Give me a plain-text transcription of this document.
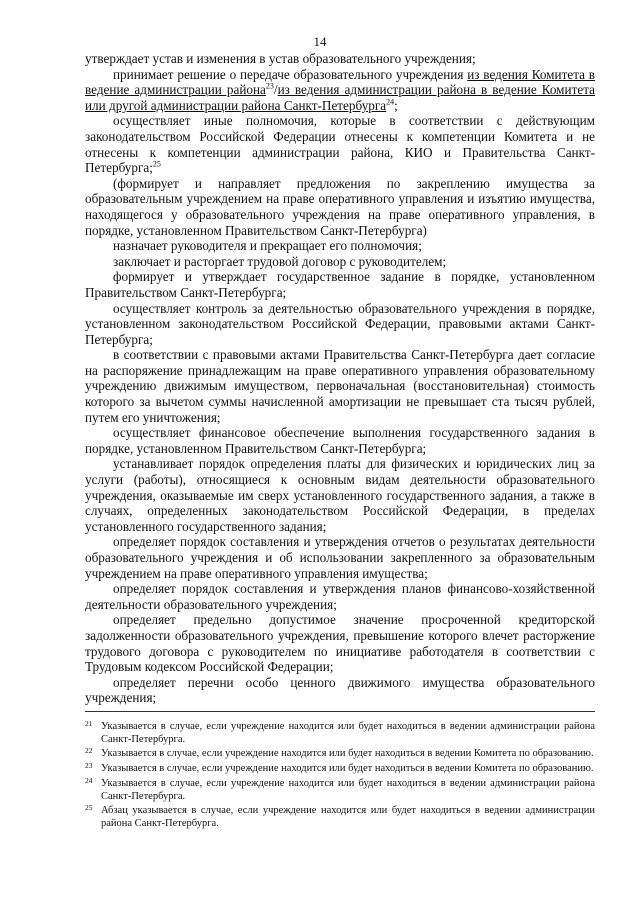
14

утверждает устав и изменения в устав образовательного учреждения;

принимает решение о передаче образовательного учреждения из ведения Комитета в ведение администрации района$^{23}$/из ведения администрации района в ведение Комитета или другой администрации района Санкт-Петербурга$^{24}$;

осуществляет иные полномочия, которые в соответствии с действующим законодательством Российской Федерации отнесены к компетенции Комитета и не отнесены к компетенции администрации района, КИО и Правительства Санкт-Петербурга;$^{25}$

(формирует и направляет предложения по закреплению имущества за образовательным учреждением на праве оперативного управления и изъятию имущества, находящегося у образовательного учреждения на праве оперативного управления, в порядке, установленном Правительством Санкт-Петербурга)

назначает руководителя и прекращает его полномочия;

заключает и расторгает трудовой договор с руководителем;

формирует и утверждает государственное задание в порядке, установленном Правительством Санкт-Петербурга;

осуществляет контроль за деятельностью образовательного учреждения в порядке, установленном законодательством Российской Федерации, правовыми актами Санкт-Петербурга;

в соответствии с правовыми актами Правительства Санкт-Петербурга дает согласие на распоряжение принадлежащим на праве оперативного управления образовательному учреждению движимым имуществом, первоначальная (восстановительная) стоимость которого за вычетом суммы начисленной амортизации не превышает ста тысяч рублей, путем его уничтожения;

осуществляет финансовое обеспечение выполнения государственного задания в порядке, установленном Правительством Санкт-Петербурга;

устанавливает порядок определения платы для физических и юридических лиц за услуги (работы), относящиеся к основным видам деятельности образовательного учреждения, оказываемые им сверх установленного государственного задания, а также в случаях, определенных законодательством Российской Федерации, в пределах установленного государственного задания;

определяет порядок составления и утверждения отчетов о результатах деятельности образовательного учреждения и об использовании закрепленного за образовательным учреждением на праве оперативного управления имущества;

определяет порядок составления и утверждения планов финансово-хозяйственной деятельности образовательного учреждения;

определяет предельно допустимое значение просроченной кредиторской задолженности образовательного учреждения, превышение которого влечет расторжение трудового договора с руководителем по инициативе работодателя в соответствии с Трудовым кодексом Российской Федерации;

определяет перечни особо ценного движимого имущества образовательного учреждения;

21 Указывается в случае, если учреждение находится или будет находиться в ведении администрации района Санкт-Петербурга.
22 Указывается в случае, если учреждение находится или будет находиться в ведении Комитета по образованию.
23 Указывается в случае, если учреждение находится или будет находиться в ведении Комитета по образованию.
24 Указывается в случае, если учреждение находится или будет находиться в ведении администрации района Санкт-Петербурга.
25 Абзац указывается в случае, если учреждение находится или будет находиться в ведении администрации района Санкт-Петербурга.
